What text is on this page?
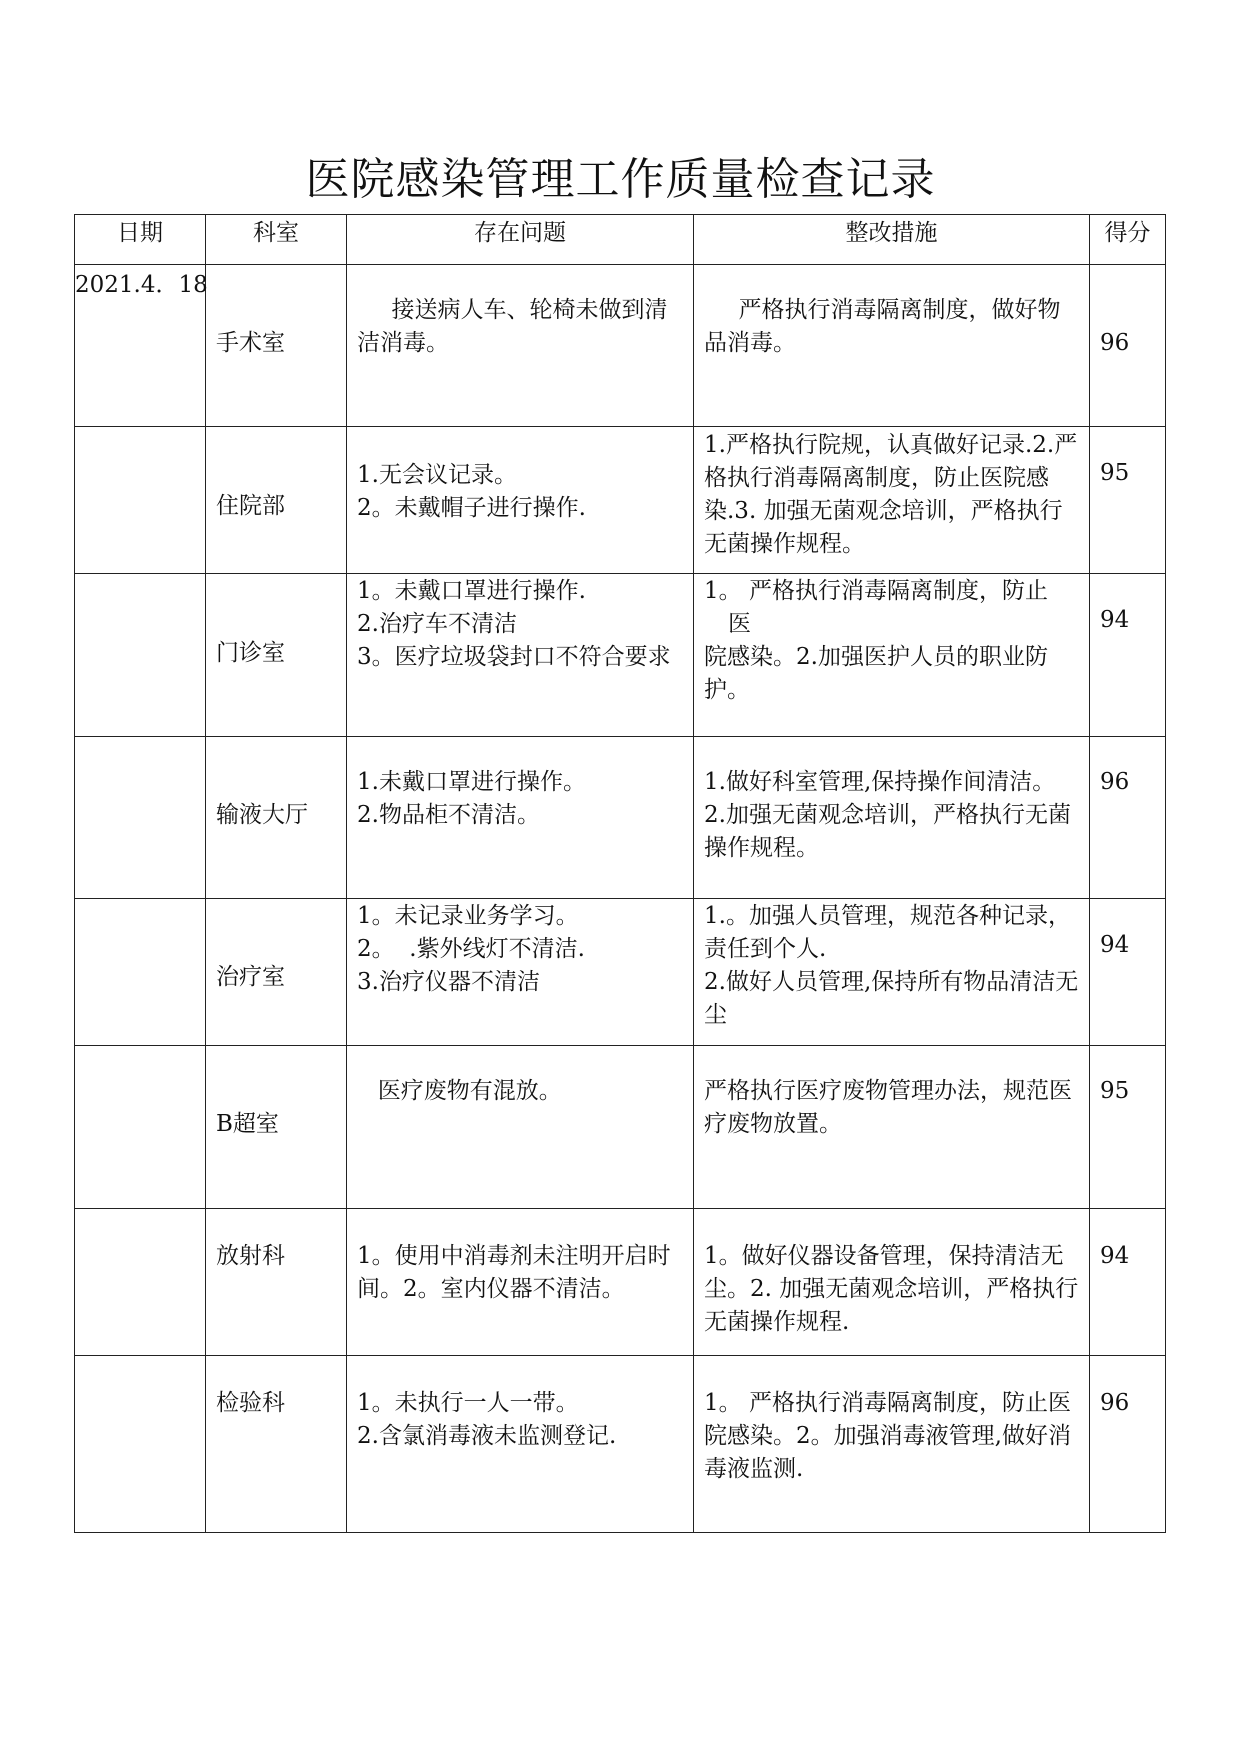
医院感染管理工作质量检查记录
日期	科室	存在问题	整改措施	得分

2021.4．18	手术室	接送病人车、轮椅未做到清洁消毒。	严格执行消毒隔离制度，做好物品消毒。	96

	住院部	1.无会议记录。
2。未戴帽子进行操作.	1.严格执行院规，认真做好记录.2.严格执行消毒隔离制度，防止医院感染.3. 加强无菌观念培训，严格执行无菌操作规程。	95

	门诊室	1。未戴口罩进行操作.
2.治疗车不清洁
3。医疗垃圾袋封口不符合要求	1。 严格执行消毒隔离制度，防止
医
院感染。2.加强医护人员的职业防护。	94

	输液大厅	1.未戴口罩进行操作。
2.物品柜不清洁。	1.做好科室管理,保持操作间清洁。
2.加强无菌观念培训，严格执行无菌操作规程。	96

	治疗室	1。未记录业务学习。
2。  .紫外线灯不清洁.
3.治疗仪器不清洁	1.。加强人员管理，规范各种记录，责任到个人.
2.做好人员管理,保持所有物品清洁无尘	94

	B超室	医疗废物有混放。	严格执行医疗废物管理办法，规范医疗废物放置。	95

	放射科	1。使用中消毒剂未注明开启时间。2。室内仪器不清洁。	1。做好仪器设备管理，保持清洁无尘。2. 加强无菌观念培训，严格执行无菌操作规程.	94

	检验科	1。未执行一人一带。
2.含氯消毒液未监测登记.	1。 严格执行消毒隔离制度，防止医院感染。2。加强消毒液管理,做好消毒液监测.	96
